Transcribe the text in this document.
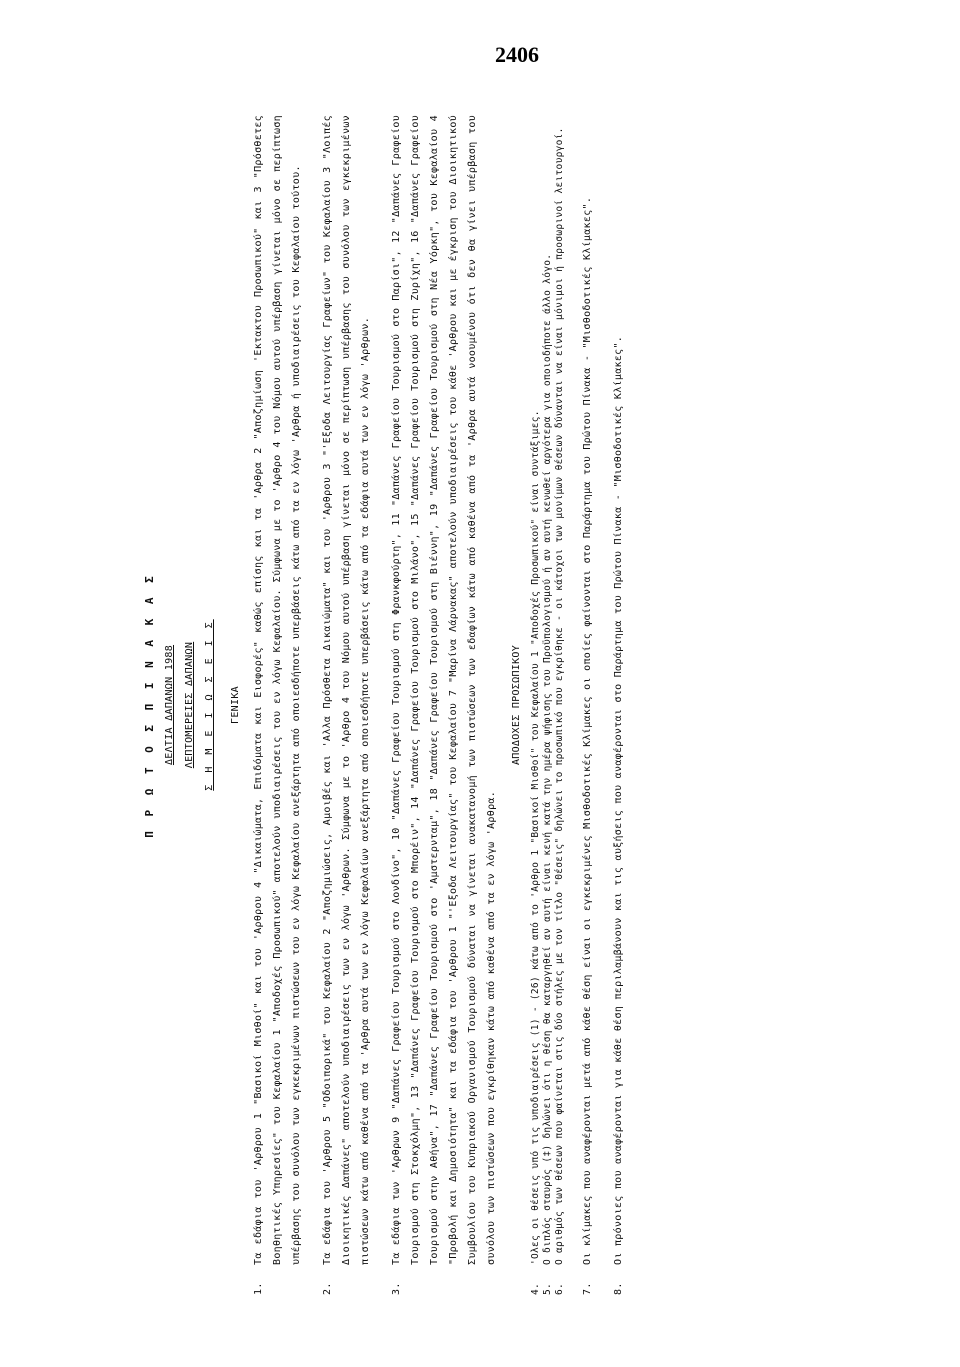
2406
Π Ρ Ω Τ Ο Σ Π Ι Ν Α Κ Α Σ ΔΕΛΤΙΑ ΔΑΠΑΝΩΝ 1988 ΛΕΠΤΟΜΕΡΕΙΕΣ ΔΑΠΑΝΩΝ Σ Η Μ Ε Ι Ω Σ Ε Ι Σ	ΓΕΝΙΚΑ
1.
Τα εδάφια του 'Αρθρου 1 "Βασικοί Μισθοί" και του 'Αρθρου 4 "Δικαιώματα, Επιδόματα και Εισφορές" καθώς επίσης και τα 'Αρθρα 2 "Αποζημίωση 'Εκτακτου Προσωπικού" και 3 "Πρόσθετες Βοηθητικές Υπηρεσίες" του Κεφαλαίου 1 "Αποδοχές Προσωπικού" αποτελούν υποδιαιρέσεις του εν λόγω Κεφαλαίου. Σύμφωνα με το 'Αρθρο 4 του Νόμου αυτού υπέρβαση γίνεται μόνο σε περίπτωση υπέρβασης του συνόλου των εγκεκριμένων πιστώσεων του εν λόγω Κεφαλαίου ανεξάρτητα από οποιεσδήποτε υπερβάσεις κάτω από τα εν λόγω 'Αρθρα ή υποδιαιρέσεις του Κεφαλαίου τούτου.
2.
Τα εδάφια του 'Αρθρου 5 "Οδοιπορικά" του Κεφαλαίου 2 "Αποζημιώσεις, Αμοιβές και 'Αλλα Πρόσθετα Δικαιώματα" και του 'Αρθρου 3 "'Εξοδα Λειτουργίας Γραφείων" του Κεφαλαίου 3 "Λοιπές Διοικητικές Δαπάνες" αποτελούν υποδιαιρέσεις των εν λόγω 'Αρθρων. Σύμφωνα με το 'Αρθρο 4 του Νόμου αυτού υπέρβαση γίνεται μόνο σε περίπτωση υπέρβασης του συνόλου των εγκεκριμένων πιστώσεων κάτω από καθένα από τα 'Αρθρα αυτά των εν λόγω Κεφαλαίων ανεξάρτητα από οποιεσδήποτε υπερβάσεις κάτω από τα εδάφια αυτά των εν λόγω 'Αρθρων.
3.
Τα εδάφια των 'Αρθρων 9 "Δαπάνες Γραφείου Τουρισμού στο Λονδίνο", 10 "Δαπάνες Γραφείου Τουρισμού στη Φρανκφούρτη", 11 "Δαπάνες Γραφείου Τουρισμού στο Παρίσι", 12 "Δαπάνες Γραφείου Τουρισμού στη Στοκχόλμη", 13 "Δαπάνες Γραφείου Τουρισμού στο Μπορέιν", 14 "Δαπάνες Γραφείου Τουρισμού στο Μιλάνο", 15 "Δαπάνες Γραφείου Τουρισμού στη Ζυρίχη", 16 "Δαπάνες Γραφείου Τουρισμού στην Αθήνα", 17 "Δαπάνες Γραφείου Τουρισμού στο 'Αμστερνταμ", 18 "Δαπάνες Γραφείου Τουρισμού στη Βιέννη", 19 "Δαπάνες Γραφείου Τουρισμού στη Νέα Υόρκη", του Κεφαλαίου 4 "Προβολή και Δημοσιότητα" και τα εδάφια του 'Αρθρου 1 "'Εξοδα Λειτουργίας" του Κεφαλαίου 7 "Μαρίνα Λάρνακας" αποτελούν υποδιαιρέσεις του κάθε 'Αρθρου και με έγκριση του Διοικητικού Συμβουλίου του Κυπριακού Οργανισμού Τουρισμού δύναται να γίνεται ανακατανομή των πιστώσεων των εδαφίων κάτω από καθένα από τα 'Αρθρα αυτά νοουμένου ότι δεν θα γίνει υπέρβαση του συνόλου των πιστώσεων που εγκρίθηκαν κάτω από καθένα από τα εν λόγω 'Αρθρα.
ΑΠΟΔΟΧΕΣ ΠΡΟΣΩΠΙΚΟΥ
4.
'Ολες οι θέσεις υπό τις υποδιαιρέσεις (1) - (26) κάτω από το 'Αρθρο 1 "Βασικοί Μισθοί" του Κεφαλαίου 1 "Αποδοχές Προσωπικού" είναι συντάξιμες.
5.
Ο διπλός σταυρός (‡) δηλώνει ότι η θέση θα καταργηθεί αν αυτή είναι κενή κατά την ημέρα ψήφισης του Προϋπολογισμού ή αν αυτή κενωθεί αργότερα για οποιοδήποτε άλλο λόγο.
6.
Ο αριθμός των θέσεων που φαίνεται στις δύο στήλες με τον τίτλο "Θέσεις" δηλώνει το προσωπικό που εγκρίθηκε - οι κάτοχοι των μονίμων θέσεων δύνανται να είναι μόνιμοι ή προσωρινοί λειτουργοί.
7.
Οι κλίμακες που αναφέρονται μετά από κάθε θέση είναι οι εγκεκριμένες Μισθοδοτικές Κλίμακες οι οποίες φαίνονται στο Παράρτημα του Πρώτου Πίνακα - "Μισθοδοτικές Κλίμακες".
8.
Οι πρόνοιες που αναφέρονται για κάθε θέση περιλαμβάνουν και τις αυξήσεις που αναφέρονται στο Παράρτημα του Πρώτου Πίνακα - "Μισθοδοτικές Κλίμακες".
